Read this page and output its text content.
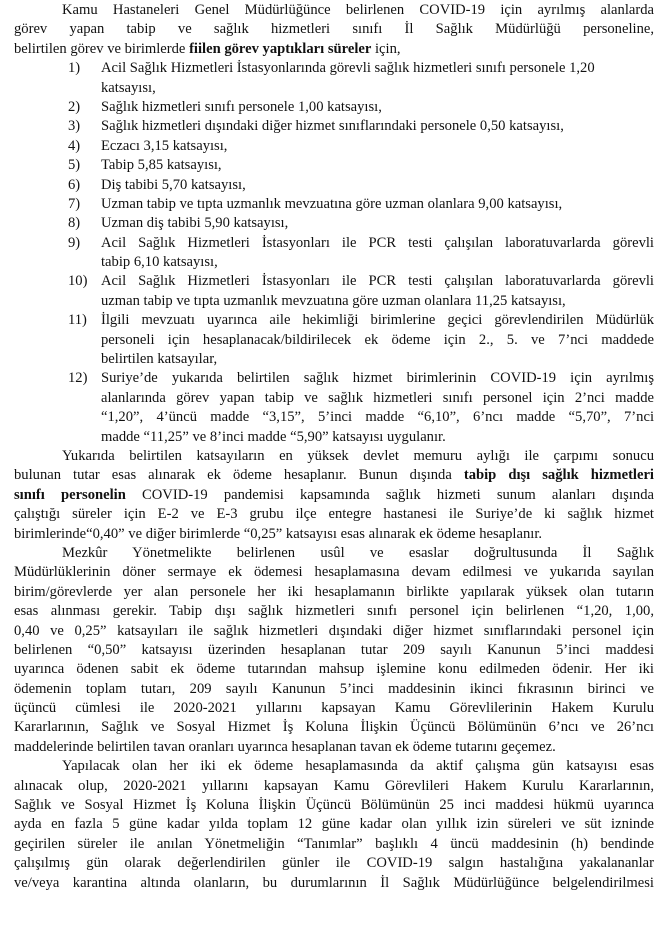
Kamu Hastaneleri Genel Müdürlüğünce belirlenen COVID-19 için ayrılmış alanlarda
görev yapan tabip ve sağlık hizmetleri sınıfı İl Sağlık Müdürlüğü personeline,
belirtilen görev ve birimlerde fiilen görev yaptıkları süreler için,
1)	Acil Sağlık Hizmetleri İstasyonlarında görevli sağlık hizmetleri sınıfı personele 1,20
katsayısı,
2)	Sağlık hizmetleri sınıfı personele 1,00 katsayısı,
3)	Sağlık hizmetleri dışındaki diğer hizmet sınıflarındaki personele 0,50 katsayısı,
4)	Eczacı 3,15 katsayısı,
5)	Tabip 5,85 katsayısı,
6)	Diş tabibi 5,70 katsayısı,
7)	Uzman tabip ve tıpta uzmanlık mevzuatına göre uzman olanlara 9,00 katsayısı,
8)	Uzman diş tabibi 5,90 katsayısı,
9)	Acil Sağlık Hizmetleri İstasyonları ile PCR testi çalışılan laboratuvarlarda görevli
tabip 6,10 katsayısı,
10) Acil Sağlık Hizmetleri İstasyonları ile PCR testi çalışılan laboratuvarlarda görevli
uzman tabip ve tıpta uzmanlık mevzuatına göre uzman olanlara 11,25 katsayısı,
11) İlgili mevzuatı uyarınca aile hekimliği birimlerine geçici görevlendirilen Müdürlük
personeli için hesaplanacak/bildirilecek ek ödeme için 2., 5. ve 7’nci maddede
belirtilen katsayılar,
12) Suriye’de yukarıda belirtilen sağlık hizmet birimlerinin COVID-19 için ayrılmış
alanlarında görev yapan tabip ve sağlık hizmetleri sınıfı personel için 2’nci madde
“1,20”, 4’üncü madde “3,15”, 5’inci madde “6,10”, 6’ncı madde “5,70”, 7’nci
madde “11,25” ve 8’inci madde “5,90” katsayısı uygulanır.
Yukarıda belirtilen katsayıların en yüksek devlet memuru aylığı ile çarpımı sonucu
bulunan tutar esas alınarak ek ödeme hesaplanır. Bunun dışında tabip dışı sağlık hizmetleri
sınıfı personelin COVID-19 pandemisi kapsamında sağlık hizmeti sunum alanları dışında
çalıştığı süreler için E-2 ve E-3 grubu ilçe entegre hastanesi ile Suriye’de ki sağlık hizmet
birimlerinde“0,40” ve diğer birimlerde “0,25” katsayısı esas alınarak ek ödeme hesaplanır.
Mezkûr Yönetmelikte belirlenen usûl ve esaslar doğrultusunda İl Sağlık
Müdürlüklerinin döner sermaye ek ödemesi hesaplamasına devam edilmesi ve yukarıda sayılan
birim/görevlerde yer alan personele her iki hesaplamanın birlikte yapılarak yüksek olan tutarın
esas alınması gerekir. Tabip dışı sağlık hizmetleri sınıfı personel için belirlenen “1,20, 1,00,
0,40 ve 0,25” katsayıları ile sağlık hizmetleri dışındaki diğer hizmet sınıflarındaki personel için
belirlenen “0,50” katsayısı üzerinden hesaplanan tutar 209 sayılı Kanunun 5’inci maddesi
uyarınca ödenen sabit ek ödeme tutarından mahsup işlemine konu edilmeden ödenir. Her iki
ödemenin toplam tutarı, 209 sayılı Kanunun 5’inci maddesinin ikinci fıkrasının birinci ve
üçüncü cümlesi ile 2020-2021 yıllarını kapsayan Kamu Görevlilerinin Hakem Kurulu
Kararlarının, Sağlık ve Sosyal Hizmet İş Koluna İlişkin Üçüncü Bölümünün 6’ncı ve 26’ncı
maddelerinde belirtilen tavan oranları uyarınca hesaplanan tavan ek ödeme tutarını geçemez.
Yapılacak olan her iki ek ödeme hesaplamasında da aktif çalışma gün katsayısı esas
alınacak olup, 2020-2021 yıllarını kapsayan Kamu Görevlileri Hakem Kurulu Kararlarının,
Sağlık ve Sosyal Hizmet İş Koluna İlişkin Üçüncü Bölümünün 25 inci maddesi hükmü uyarınca
ayda en fazla 5 güne kadar yılda toplam 12 güne kadar olan yıllık izin süreleri ve süt izninde
geçirilen süreler ile anılan Yönetmeliğin “Tanımlar” başlıklı 4 üncü maddesinin (h) bendinde
çalışılmış gün olarak değerlendirilen günler ile COVID-19 salgın hastalığına yakalananlar
ve/veya karantina altında olanların, bu durumlarının İl Sağlık Müdürlüğünce belgelendirilmesi
